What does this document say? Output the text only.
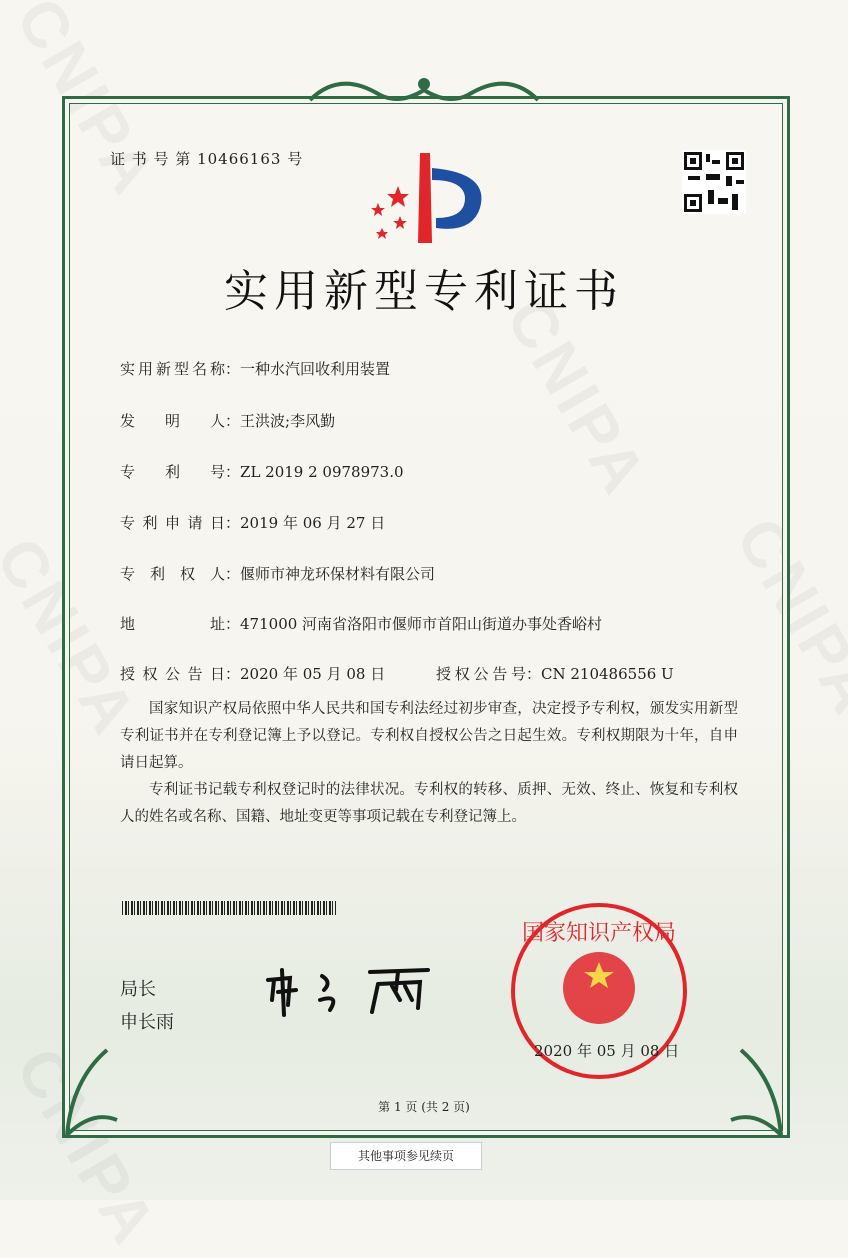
证 书 号 第 10466163 号
实用新型专利证书
实用新型名称：一种水汽回收利用装置
发明人：王洪波;李风勤
专利号：ZL 2019 2 0978973.0
专利申请日：2019 年 06 月 27 日
专利权人：偃师市神龙环保材料有限公司
地址：471000 河南省洛阳市偃师市首阳山街道办事处香峪村
授权公告日：2020 年 05 月 08 日	授权公告号：CN 210486556 U
国家知识产权局依照中华人民共和国专利法经过初步审查，决定授予专利权，颁发实用新型专利证书并在专利登记簿上予以登记。专利权自授权公告之日起生效。专利权期限为十年，自申请日起算。
专利证书记载专利权登记时的法律状况。专利权的转移、质押、无效、终止、恢复和专利权人的姓名或名称、国籍、地址变更等事项记载在专利登记簿上。
局长
申长雨
国家知识产权局
2020 年 05 月 08 日
第 1 页 (共 2 页)
其他事项参见续页
